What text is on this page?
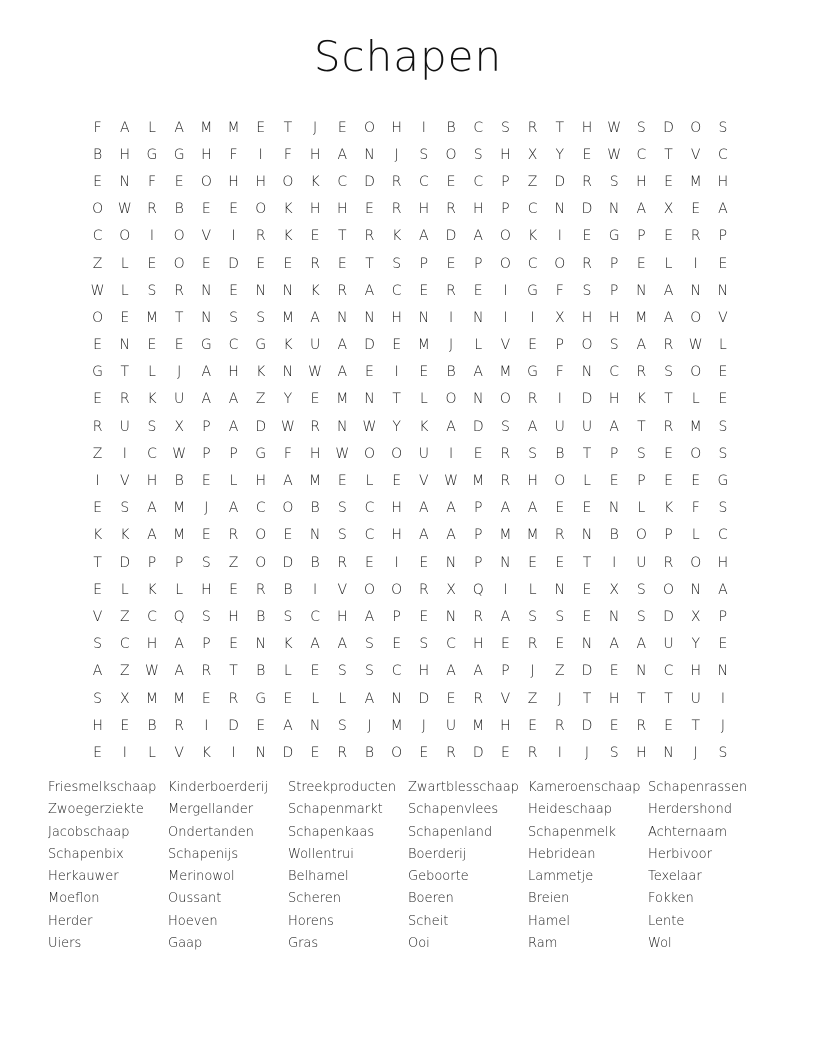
Schapen
F	A	L	A	M	M	E	T	J	E	O	H	I	B	C	S	R	T	H	W	S	D	O	S
B	H	G	G	H	F	I	F	H	A	N	J	S	O	S	H	X	Y	E	W	C	T	V	C
E	N	F	E	O	H	H	O	K	C	D	R	C	E	C	P	Z	D	R	S	H	E	M	H
O	W	R	B	E	E	O	K	H	H	E	R	H	R	H	P	C	N	D	N	A	X	E	A
C	O	I	O	V	I	R	K	E	T	R	K	A	D	A	O	K	I	E	G	P	E	R	P
Z	L	E	O	E	D	E	E	R	E	T	S	P	E	P	O	C	O	R	P	E	L	I	E
W	L	S	R	N	E	N	N	K	R	A	C	E	R	E	I	G	F	S	P	N	A	N	N
O	E	M	T	N	S	S	M	A	N	N	H	N	I	N	I	I	X	H	H	M	A	O	V
E	N	E	E	G	C	G	K	U	A	D	E	M	J	L	V	E	P	O	S	A	R	W	L
G	T	L	J	A	H	K	N	W	A	E	I	E	B	A	M	G	F	N	C	R	S	O	E
E	R	K	U	A	A	Z	Y	E	M	N	T	L	O	N	O	R	I	D	H	K	T	L	E
R	U	S	X	P	A	D	W	R	N	W	Y	K	A	D	S	A	U	U	A	T	R	M	S
Z	I	C	W	P	P	G	F	H	W	O	O	U	I	E	R	S	B	T	P	S	E	O	S
I	V	H	B	E	L	H	A	M	E	L	E	V	W	M	R	H	O	L	E	P	E	E	G
E	S	A	M	J	A	C	O	B	S	C	H	A	A	P	A	A	E	E	N	L	K	F	S
K	K	A	M	E	R	O	E	N	S	C	H	A	A	P	M	M	R	N	B	O	P	L	C
T	D	P	P	S	Z	O	D	B	R	E	I	E	N	P	N	E	E	T	I	U	R	O	H
E	L	K	L	H	E	R	B	I	V	O	O	R	X	Q	I	L	N	E	X	S	O	N	A
V	Z	C	Q	S	H	B	S	C	H	A	P	E	N	R	A	S	S	E	N	S	D	X	P
S	C	H	A	P	E	N	K	A	A	S	E	S	C	H	E	R	E	N	A	A	U	Y	E
A	Z	W	A	R	T	B	L	E	S	S	C	H	A	A	P	J	Z	D	E	N	C	H	N
S	X	M	M	E	R	G	E	L	L	A	N	D	E	R	V	Z	J	T	H	T	T	U	I
H	E	B	R	I	D	E	A	N	S	J	M	J	U	M	H	E	R	D	E	R	E	T	J
E	I	L	V	K	I	N	D	E	R	B	O	E	R	D	E	R	I	J	S	H	N	J	S
Friesmelkschaap Kinderboerderij	Streekproducten Zwartblesschaap Kameroenschaap Schapenrassen
Zwoegerziekte	Mergellander	Schapenmarkt	Schapenvlees	Heideschaap	Herdershond
Jacobschaap	Ondertanden	Schapenkaas	Schapenland	Schapenmelk	Achternaam
Schapenbix	Schapenijs	Wollentrui	Boerderij	Hebridean	Herbivoor
Herkauwer	Merinowol	Belhamel	Geboorte	Lammetje	Texelaar
Moeflon	Oussant	Scheren	Boeren	Breien	Fokken
Herder	Hoeven	Horens	Scheit	Hamel	Lente
Uiers	Gaap	Gras	Ooi	Ram	Wol
